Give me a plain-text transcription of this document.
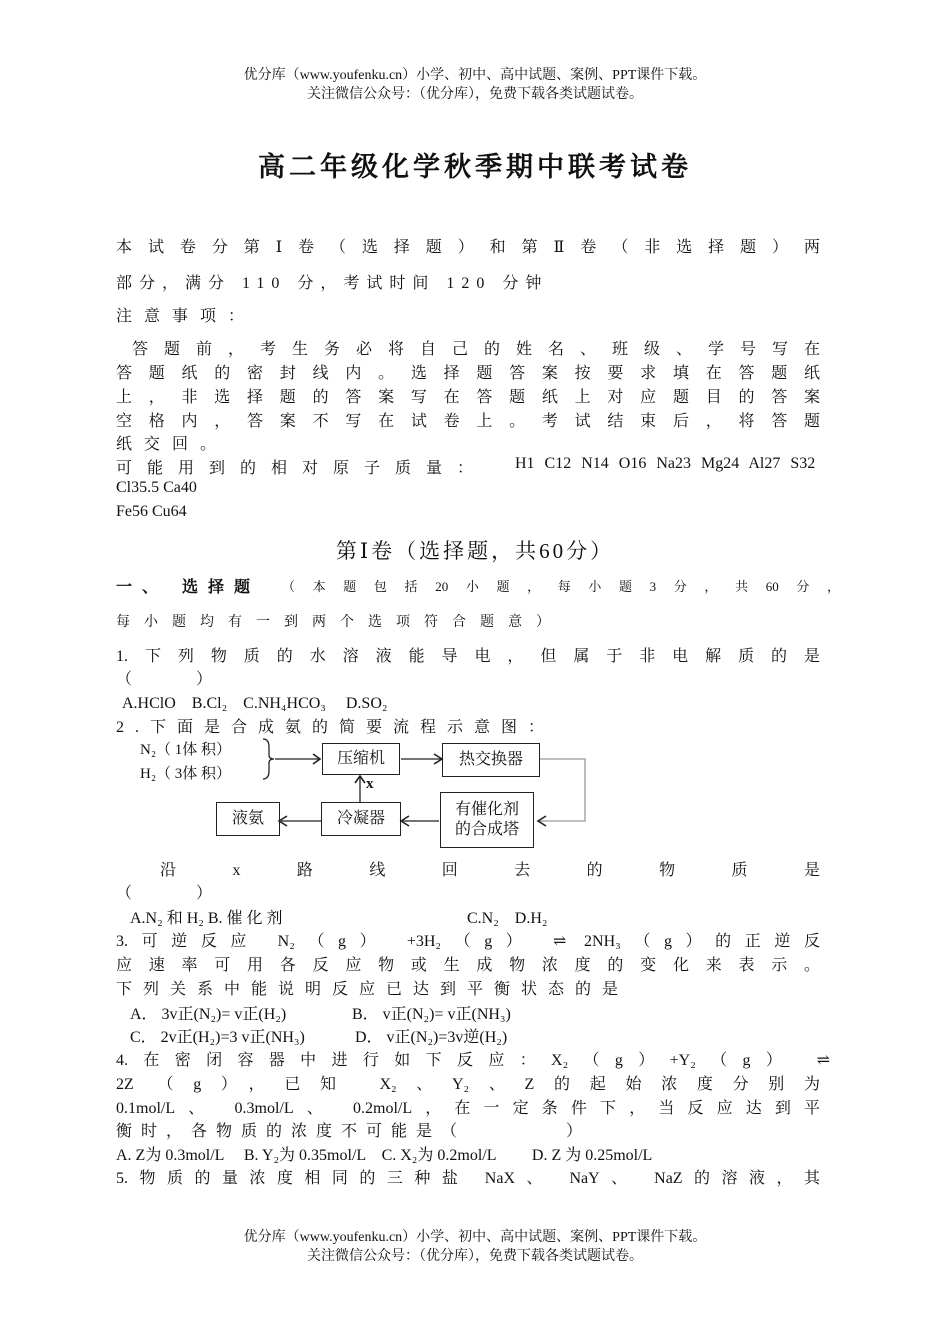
优分库（www.youfenku.cn）小学、初中、高中试题、案例、PPT课件下载。
关注微信公众号：（优分库），免费下载各类试题试卷。
高二年级化学秋季期中联考试卷
本试卷分第Ⅰ卷（选择题）和第Ⅱ卷（非选择题）两
部分，满分 110 分，考试时间 120 分钟
注意事项：
答题前，考生务必将自己的姓名、班级、学号写在
答题纸的密封线内。选择题答案按要求填在答题纸
上，非选择题的答案写在答题纸上对应题目的答案
空格内，答案不写在试卷上。考试结束后，将答题
纸交回。
可能用到的相对原子质量： H1 C12 N14 O16 Na23 Mg24 Al27 S32
Cl35.5 Ca40
Fe56 Cu64
第Ⅰ卷（选择题，共60分）
一、 选择题 （本题包括20小题，每小题3分，共60分，
每小题均有一到两个选项符合题意）
1.下列物质的水溶液能导电，但属于非电解质的是
（　　　　）
A.HClO　B.Cl₂　C.NH₄HCO₃　 D.SO₂
2.下面是合成氨的简要流程示意图：
N₂（ 1体 积）
H₂（ 3体 积）
压缩机	热交换器
x
有催化剂
的合成塔
冷凝器
液氨
沿　　x　　路　　线　　回　　去　　的　　物　　质　　是
（　　　　）
A.N₂ 和 H₂ B. 催 化 剂	C.N₂　D.H₂
3.可逆反应 N₂（g） +3H₂（g） ⇌ 2NH₃（g）的正逆反
应速率可用各反应物或生成物浓度的变化来表示。
下列关系中能说明反应已达到平衡状态的是
A． 3v正(N₂)= v正(H₂)	B． v正(N₂)= v正(NH₃)
C． 2v正(H₂)=3 v正(NH₃)	D． v正(N₂)=3v逆(H₂)
4.在密闭容器中进行如下反应：X₂（g）+Y₂（g） ⇌
2Z （g），已知 X₂、Y₂、Z的起始浓度分别为
0.1mol/L、 0.3mol/L、 0.2mol/L，在一定条件下，当反应达到平
衡时，各物质的浓度不可能是（　　　　）
A. Z为 0.3mol/L　 B. Y₂为 0.35mol/L　C. X₂为 0.2mol/L　　 D. Z 为 0.25mol/L
5.物质的量浓度相同的三种盐 NaX、 NaY、 NaZ的溶液，其
优分库（www.youfenku.cn）小学、初中、高中试题、案例、PPT课件下载。
关注微信公众号：（优分库），免费下载各类试题试卷。
